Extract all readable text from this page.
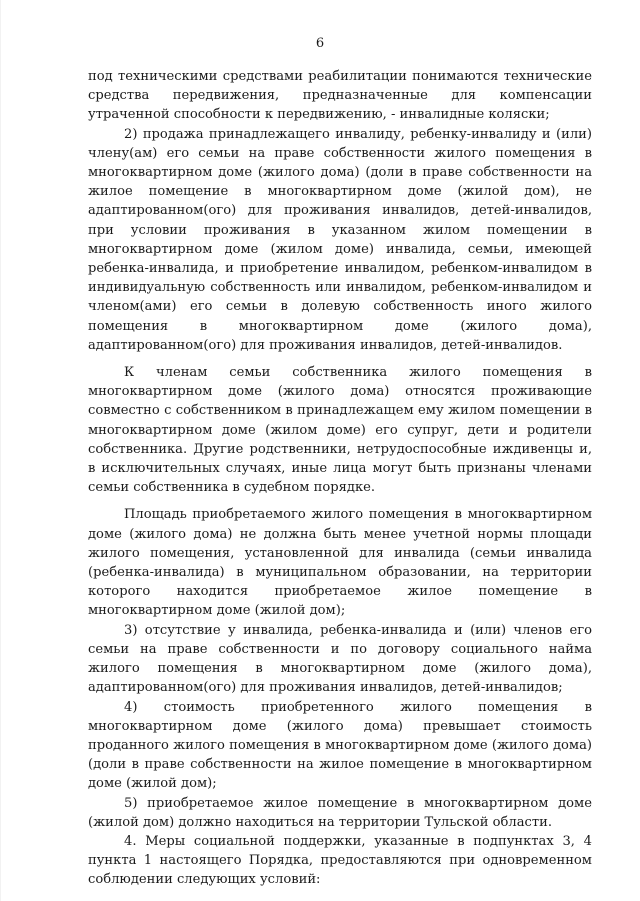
6

под техническими средствами реабилитации понимаются технические средства передвижения, предназначенные для компенсации утраченной способности к передвижению, - инвалидные коляски;

2) продажа принадлежащего инвалиду, ребенку-инвалиду и (или) члену(ам) его семьи на праве собственности жилого помещения в многоквартирном доме (жилого дома) (доли в праве собственности на жилое помещение в многоквартирном доме (жилой дом), не адаптированном(ого) для проживания инвалидов, детей-инвалидов, при условии проживания в указанном жилом помещении в многоквартирном доме (жилом доме) инвалида, семьи, имеющей ребенка-инвалида, и приобретение инвалидом, ребенком-инвалидом в индивидуальную собственность или инвалидом, ребенком-инвалидом и членом(ами) его семьи в долевую собственность иного жилого помещения в многоквартирном доме (жилого дома), адаптированном(ого) для проживания инвалидов, детей-инвалидов.

К членам семьи собственника жилого помещения в многоквартирном доме (жилого дома) относятся проживающие совместно с собственником в принадлежащем ему жилом помещении в многоквартирном доме (жилом доме) его супруг, дети и родители собственника. Другие родственники, нетрудоспособные иждивенцы и, в исключительных случаях, иные лица могут быть признаны членами семьи собственника в судебном порядке.

Площадь приобретаемого жилого помещения в многоквартирном доме (жилого дома) не должна быть менее учетной нормы площади жилого помещения, установленной для инвалида (семьи инвалида (ребенка-инвалида) в муниципальном образовании, на территории которого находится приобретаемое жилое помещение в многоквартирном доме (жилой дом);

3) отсутствие у инвалида, ребенка-инвалида и (или) членов его семьи на праве собственности и по договору социального найма жилого помещения в многоквартирном доме (жилого дома), адаптированном(ого) для проживания инвалидов, детей-инвалидов;

4) стоимость приобретенного жилого помещения в многоквартирном доме (жилого дома) превышает стоимость проданного жилого помещения в многоквартирном доме (жилого дома) (доли в праве собственности на жилое помещение в многоквартирном доме (жилой дом);

5) приобретаемое жилое помещение в многоквартирном доме (жилой дом) должно находиться на территории Тульской области.

4. Меры социальной поддержки, указанные в подпунктах 3, 4 пункта 1 настоящего Порядка, предоставляются при одновременном соблюдении следующих условий:
